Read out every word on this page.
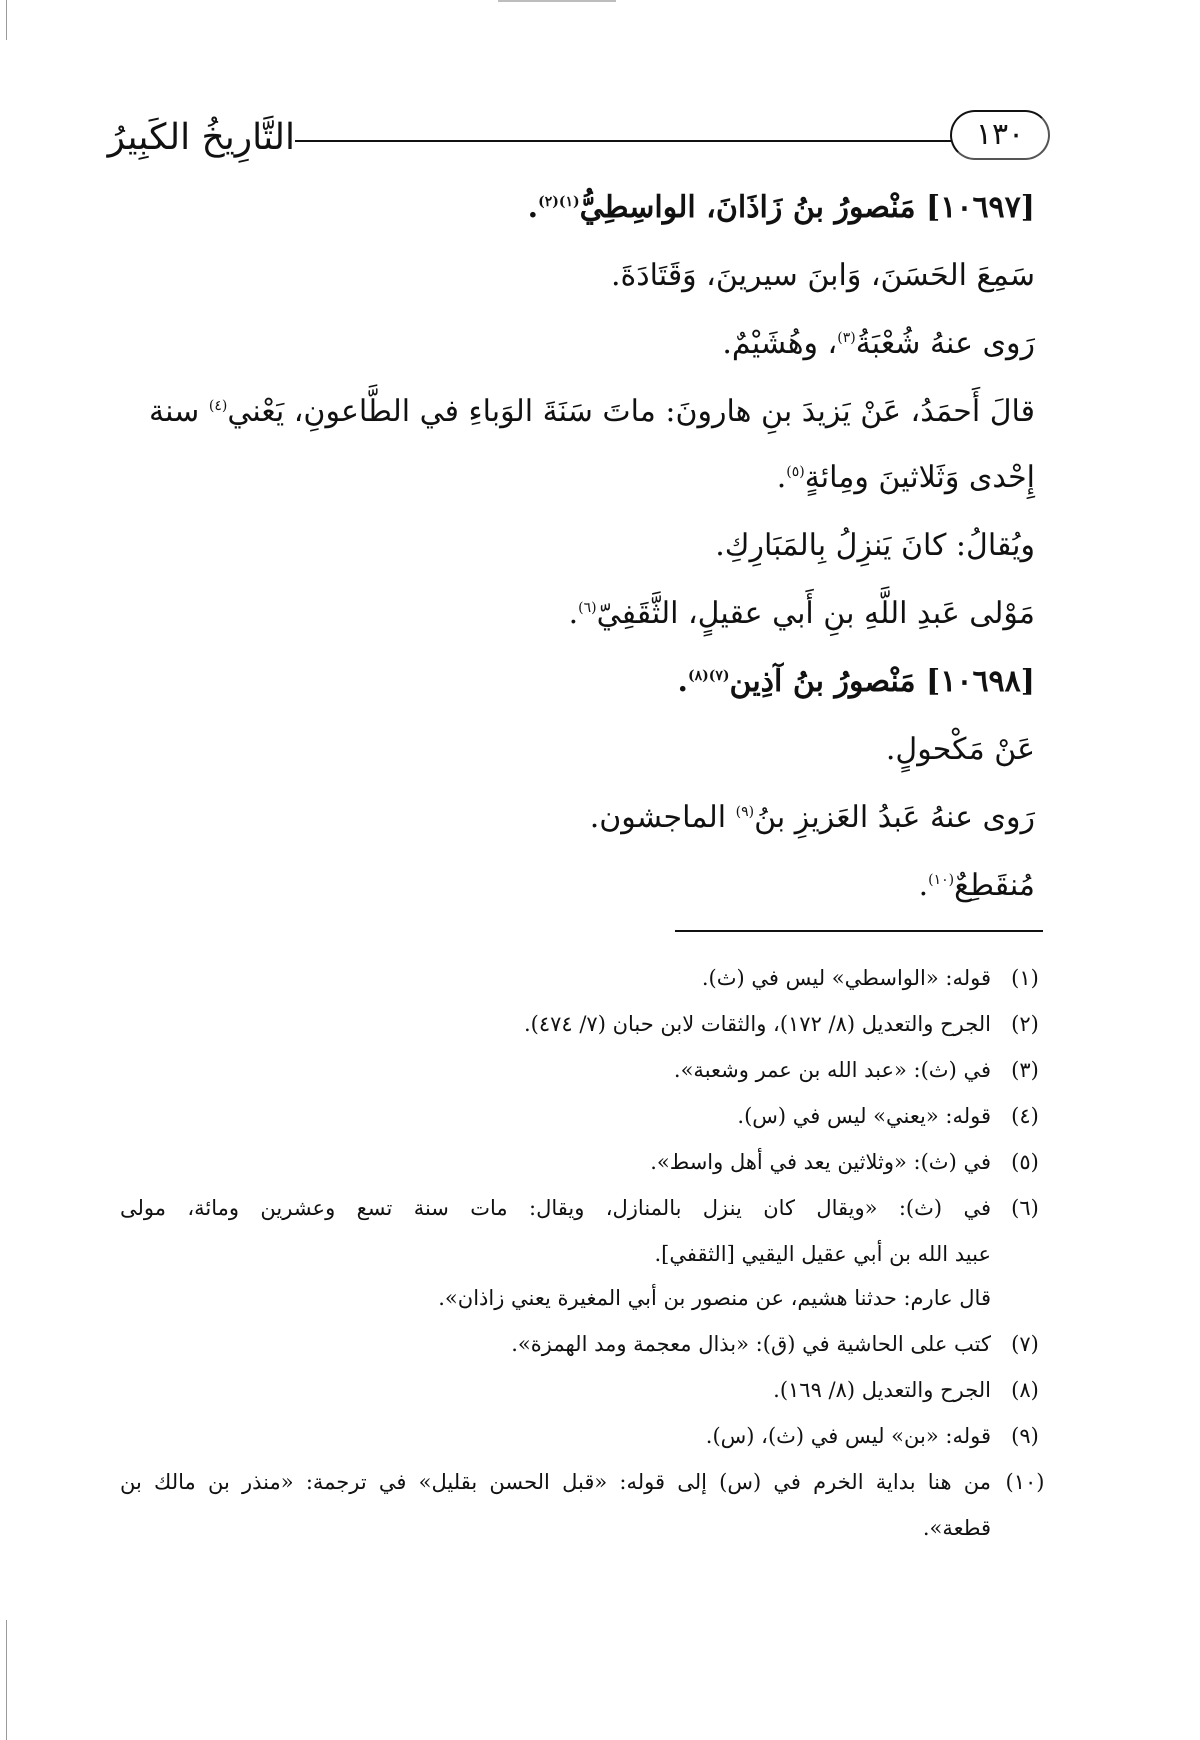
١٣٠
التَّارِيخُ الكَبِيرُ
[١٠٦٩٧] مَنْصورُ بنُ زَاذَانَ، الواسِطِيُّ$^{(١)(٢)}$.
سَمِعَ الحَسَنَ، وَابنَ سيرينَ، وَقَتَادَةَ.
رَوى عنهُ شُعْبَةُ$^{(٣)}$، وهُشَيْمٌ.
قالَ أَحمَدُ، عَنْ يَزيدَ بنِ هارونَ: ماتَ سَنَةَ الوَباءِ في الطَّاعونِ، يَعْني$^{(٤)}$ سنة
إِحْدى وَثَلاثينَ ومِائةٍ$^{(٥)}$.
ويُقالُ: كانَ يَنزِلُ بِالمَبَارِكِ.
مَوْلى عَبدِ اللَّهِ بنِ أَبي عقيلٍ، الثَّقَفِيّ$^{(٦)}$.
[١٠٦٩٨] مَنْصورُ بنُ آذِين$^{(٧)(٨)}$.
عَنْ مَكْحولٍ.
رَوى عنهُ عَبدُ العَزيزِ بنُ$^{(٩)}$ الماجشون.
مُنقَطِعٌ$^{(١٠)}$.
(١)
قوله: «الواسطي» ليس في (ث).
(٢)
الجرح والتعديل (٨/ ١٧٢)، والثقات لابن حبان (٧/ ٤٧٤).
(٣)
في (ث): «عبد الله بن عمر وشعبة».
(٤)
قوله: «يعني» ليس في (س).
(٥)
في (ث): «وثلاثين يعد في أهل واسط».
(٦)
في (ث): «ويقال كان ينزل بالمنازل، ويقال: مات سنة تسع وعشرين ومائة، مولى
عبيد الله بن أبي عقيل اليقيي [الثقفي].
قال عارم: حدثنا هشيم، عن منصور بن أبي المغيرة يعني زاذان».
(٧)
كتب على الحاشية في (ق): «بذال معجمة ومد الهمزة».
(٨)
الجرح والتعديل (٨/ ١٦٩).
(٩)
قوله: «بن» ليس في (ث)، (س).
(١٠)
من هنا بداية الخرم في (س) إلى قوله: «قبل الحسن بقليل» في ترجمة: «منذر بن مالك بن
قطعة».
